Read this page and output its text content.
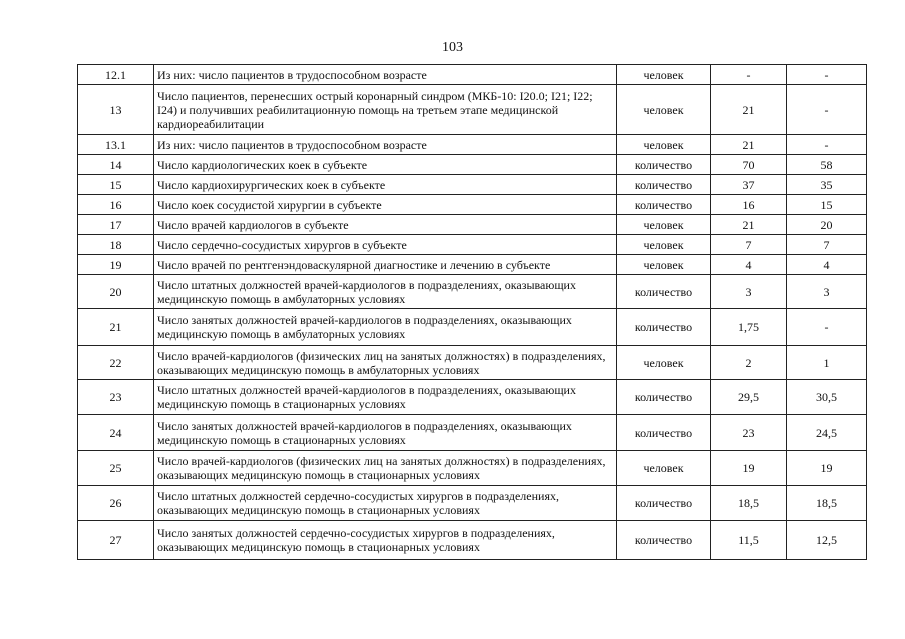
103
12.1	Из них: число пациентов в трудоспособном возрасте	человек	-	-
13	Число пациентов, перенесших острый коронарный синдром (МКБ-10: I20.0; I21; I22; I24) и получивших реабилитационную помощь на третьем этапе медицинской кардиореабилитации	человек	21	-
13.1	Из них: число пациентов в трудоспособном возрасте	человек	21	-
14	Число кардиологических коек в субъекте	количество	70	58
15	Число кардиохирургических коек в субъекте	количество	37	35
16	Число коек сосудистой хирургии в субъекте	количество	16	15
17	Число врачей кардиологов в субъекте	человек	21	20
18	Число сердечно-сосудистых хирургов в субъекте	человек	7	7
19	Число врачей по рентгенэндоваскулярной диагностике и лечению в субъекте	человек	4	4
20	Число штатных должностей врачей-кардиологов в подразделениях, оказывающих медицинскую помощь в амбулаторных условиях	количество	3	3
21	Число занятых должностей врачей-кардиологов в подразделениях, оказывающих медицинскую помощь в амбулаторных условиях	количество	1,75	-
22	Число врачей-кардиологов (физических лиц на занятых должностях) в подразделениях, оказывающих медицинскую помощь в амбулаторных условиях	человек	2	1
23	Число штатных должностей врачей-кардиологов в подразделениях, оказывающих медицинскую помощь в стационарных условиях	количество	29,5	30,5
24	Число занятых должностей врачей-кардиологов в подразделениях, оказывающих медицинскую помощь в стационарных условиях	количество	23	24,5
25	Число врачей-кардиологов (физических лиц на занятых должностях) в подразделениях, оказывающих медицинскую помощь в стационарных условиях	человек	19	19
26	Число штатных должностей сердечно-сосудистых хирургов в подразделениях, оказывающих медицинскую помощь в стационарных условиях	количество	18,5	18,5
27	Число занятых должностей сердечно-сосудистых хирургов в подразделениях, оказывающих медицинскую помощь в стационарных условиях	количество	11,5	12,5
